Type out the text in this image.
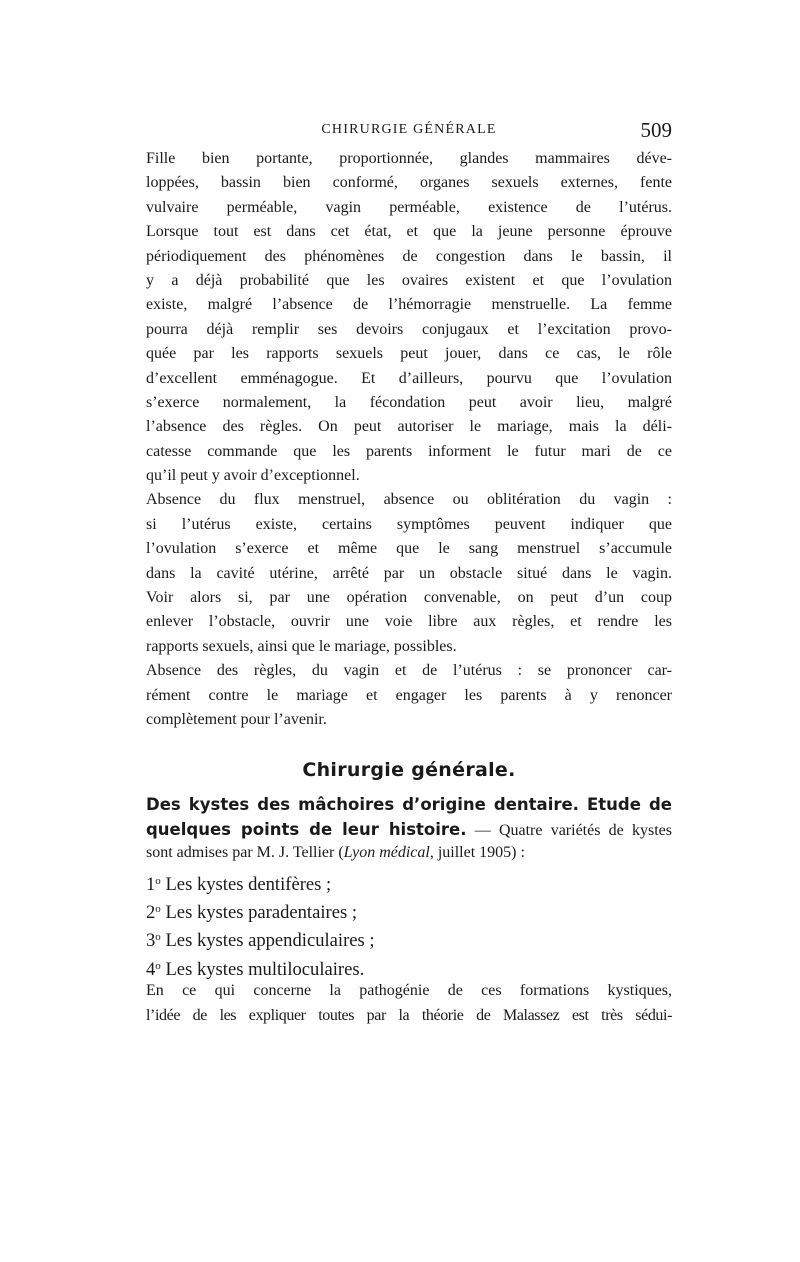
CHIRURGIE GÉNÉRALE	509
Fille bien portante, proportionnée, glandes mammaires déve-
loppées, bassin bien conformé, organes sexuels externes, fente
vulvaire perméable, vagin perméable, existence de l’utérus.
Lorsque tout est dans cet état, et que la jeune personne éprouve
périodiquement des phénomènes de congestion dans le bassin, il
y a déjà probabilité que les ovaires existent et que l’ovulation
existe, malgré l’absence de l’hémorragie menstruelle. La femme
pourra déjà remplir ses devoirs conjugaux et l’excitation provo-
quée par les rapports sexuels peut jouer, dans ce cas, le rôle
d’excellent emménagogue. Et d’ailleurs, pourvu que l’ovulation
s’exerce normalement, la fécondation peut avoir lieu, malgré
l’absence des règles. On peut autoriser le mariage, mais la déli-
catesse commande que les parents informent le futur mari de ce
qu’il peut y avoir d’exceptionnel.
Absence du flux menstruel, absence ou oblitération du vagin :
si l’utérus existe, certains symptômes peuvent indiquer que
l’ovulation s’exerce et même que le sang menstruel s’accumule
dans la cavité utérine, arrêté par un obstacle situé dans le vagin.
Voir alors si, par une opération convenable, on peut d’un coup
enlever l’obstacle, ouvrir une voie libre aux règles, et rendre les
rapports sexuels, ainsi que le mariage, possibles.
Absence des règles, du vagin et de l’utérus : se prononcer car-
rément contre le mariage et engager les parents à y renoncer
complètement pour l’avenir.
Chirurgie générale.
Des kystes des mâchoires d’origine dentaire. Etude de
quelques points de leur histoire. — Quatre variétés de kystes
sont admises par M. J. Tellier (Lyon médical, juillet 1905) :
1$^o$ Les kystes dentifères ;
2$^o$ Les kystes paradentaires ;
3$^o$ Les kystes appendiculaires ;
4$^o$ Les kystes multiloculaires.
En ce qui concerne la pathogénie de ces formations kystiques,
l’idée de les expliquer toutes par la théorie de Malassez est très sédui-
